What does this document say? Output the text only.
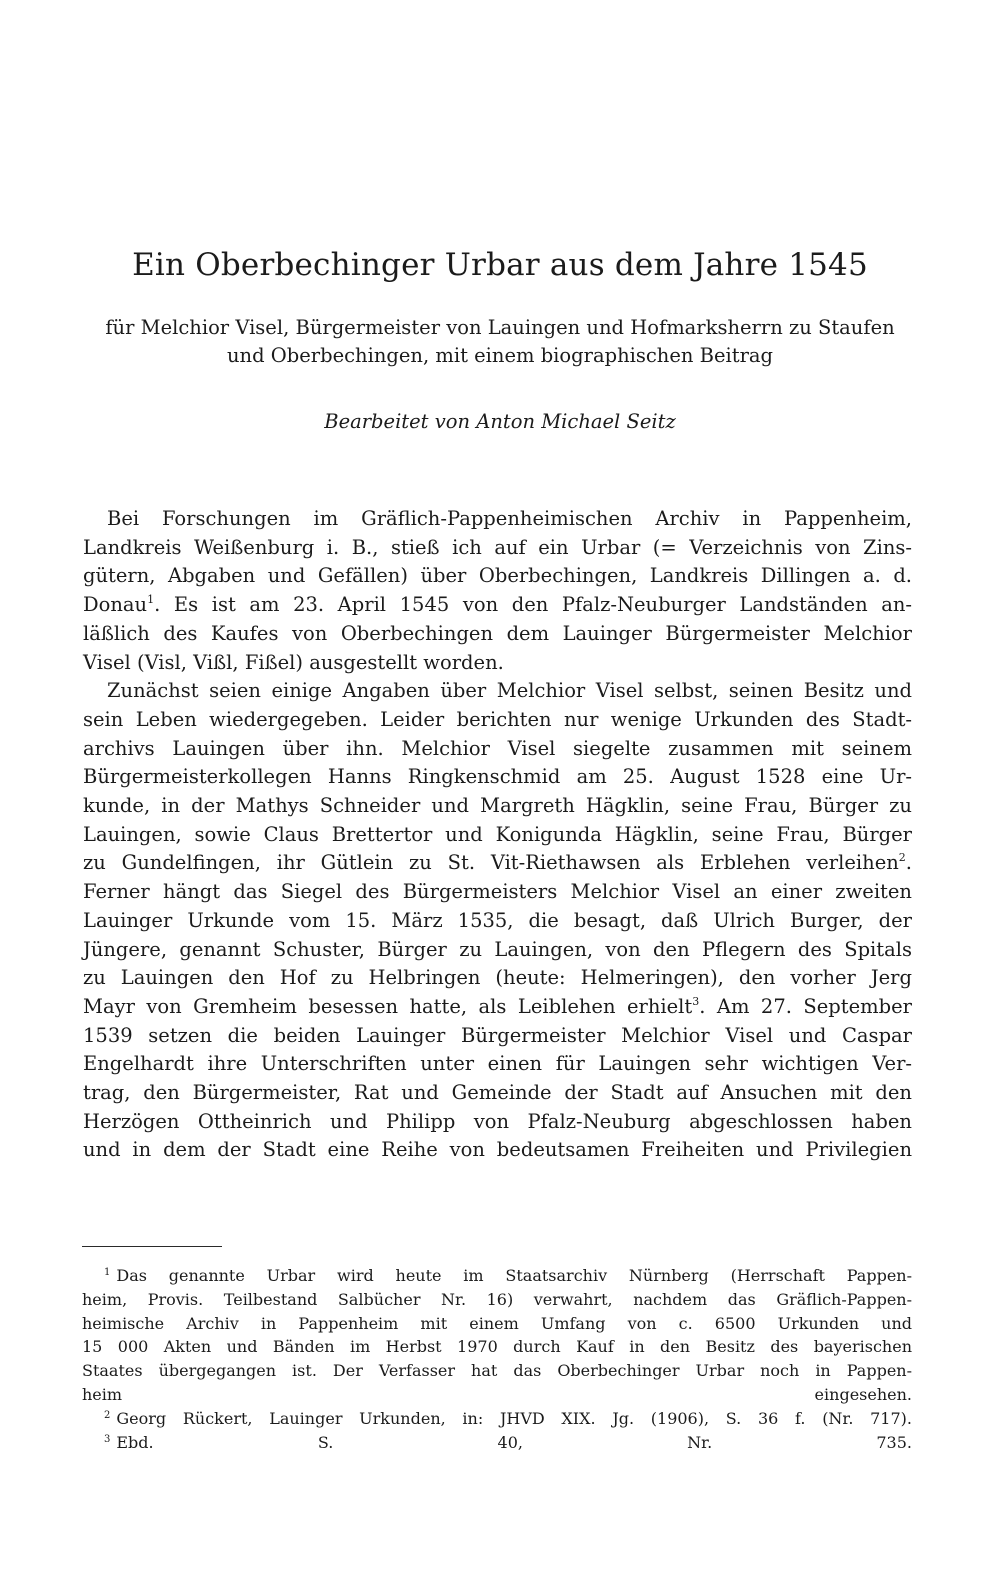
Ein Oberbechinger Urbar aus dem Jahre 1545
für Melchior Visel, Bürgermeister von Lauingen und Hofmarksherrn zu Staufen
und Oberbechingen, mit einem biographischen Beitrag
Bearbeitet von Anton Michael Seitz

Bei Forschungen im Gräflich-Pappenheimischen Archiv in Pappenheim,
Landkreis Weißenburg i. B., stieß ich auf ein Urbar (= Verzeichnis von Zins-
gütern, Abgaben und Gefällen) über Oberbechingen, Landkreis Dillingen a. d.
Donau$^1$. Es ist am 23. April 1545 von den Pfalz-Neuburger Landständen an-
läßlich des Kaufes von Oberbechingen dem Lauinger Bürgermeister Melchior
Visel (Visl, Vißl, Fißel) ausgestellt worden.

Zunächst seien einige Angaben über Melchior Visel selbst, seinen Besitz und
sein Leben wiedergegeben. Leider berichten nur wenige Urkunden des Stadt-
archivs Lauingen über ihn. Melchior Visel siegelte zusammen mit seinem
Bürgermeisterkollegen Hanns Ringkenschmid am 25. August 1528 eine Ur-
kunde, in der Mathys Schneider und Margreth Hägklin, seine Frau, Bürger zu
Lauingen, sowie Claus Brettertor und Konigunda Hägklin, seine Frau, Bürger
zu Gundelfingen, ihr Gütlein zu St. Vit-Riethawsen als Erblehen verleihen$^2$.
Ferner hängt das Siegel des Bürgermeisters Melchior Visel an einer zweiten
Lauinger Urkunde vom 15. März 1535, die besagt, daß Ulrich Burger, der
Jüngere, genannt Schuster, Bürger zu Lauingen, von den Pflegern des Spitals
zu Lauingen den Hof zu Helbringen (heute: Helmeringen), den vorher Jerg
Mayr von Gremheim besessen hatte, als Leiblehen erhielt$^3$. Am 27. September
1539 setzen die beiden Lauinger Bürgermeister Melchior Visel und Caspar
Engelhardt ihre Unterschriften unter einen für Lauingen sehr wichtigen Ver-
trag, den Bürgermeister, Rat und Gemeinde der Stadt auf Ansuchen mit den
Herzögen Ottheinrich und Philipp von Pfalz-Neuburg abgeschlossen haben
und in dem der Stadt eine Reihe von bedeutsamen Freiheiten und Privilegien

$^1$ Das genannte Urbar wird heute im Staatsarchiv Nürnberg (Herrschaft Pappen-
heim, Provis. Teilbestand Salbücher Nr. 16) verwahrt, nachdem das Gräflich-Pappen-
heimische Archiv in Pappenheim mit einem Umfang von c. 6500 Urkunden und
15 000 Akten und Bänden im Herbst 1970 durch Kauf in den Besitz des bayerischen
Staates übergegangen ist. Der Verfasser hat das Oberbechinger Urbar noch in Pappen-
heim eingesehen.

$^2$ Georg Rückert, Lauinger Urkunden, in: JHVD XIX. Jg. (1906), S. 36 f. (Nr. 717).

$^3$ Ebd. S. 40, Nr. 735.
